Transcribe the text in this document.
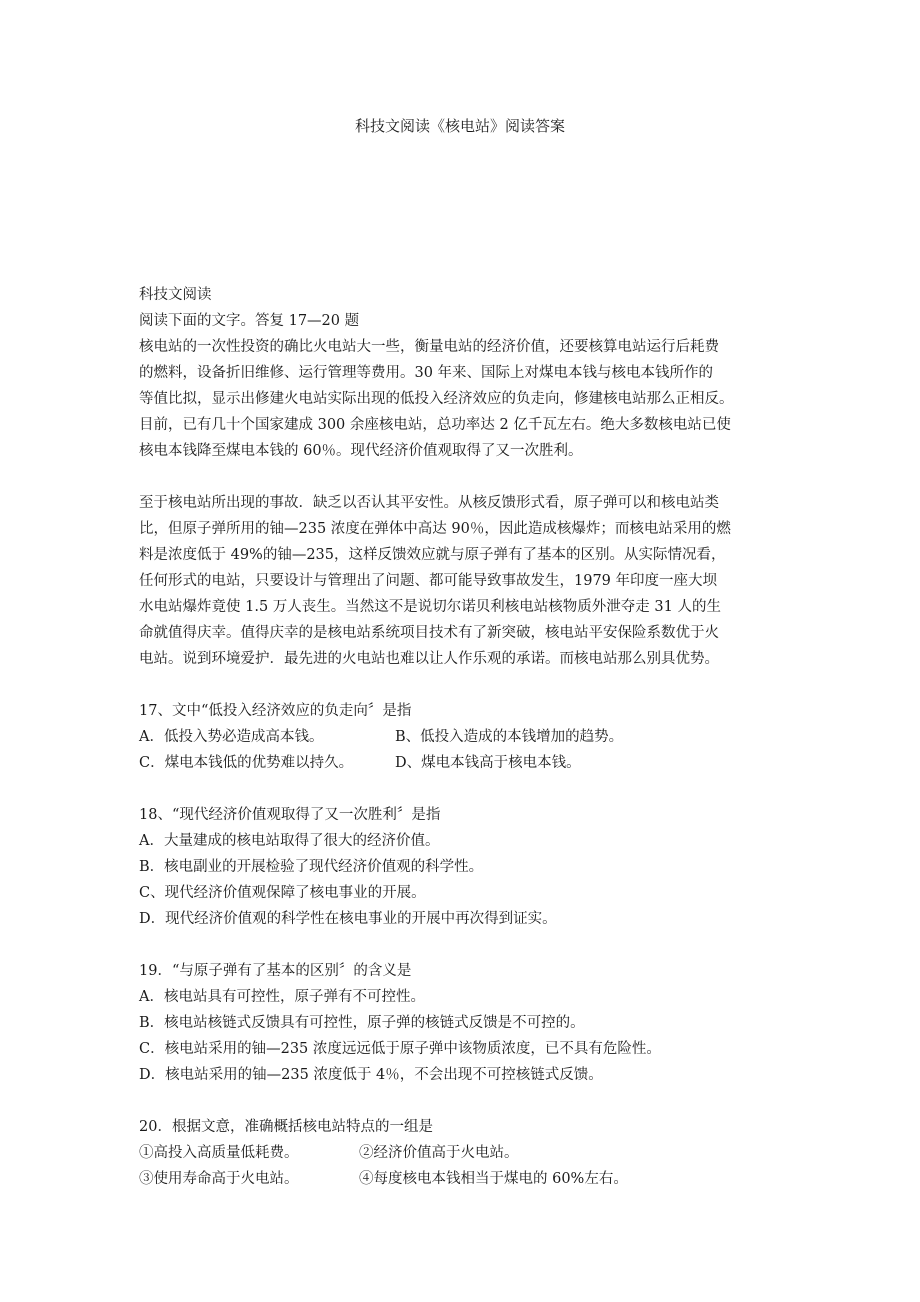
科技文阅读《核电站》阅读答案
科技文阅读
阅读下面的文字。答复 17—20 题
核电站的一次性投资的确比火电站大一些，衡量电站的经济价值，还要核算电站运行后耗费
的燃料，设备折旧维修、运行管理等费用。30 年来、国际上对煤电本钱与核电本钱所作的
等值比拟，显示出修建火电站实际出现的低投入经济效应的负走向，修建核电站那么正相反。
目前，已有几十个国家建成 300 余座核电站，总功率达 2 亿千瓦左右。绝大多数核电站已使
核电本钱降至煤电本钱的 60％。现代经济价值观取得了又一次胜利。
至于核电站所出现的事故．缺乏以否认其平安性。从核反馈形式看，原子弹可以和核电站类
比，但原子弹所用的铀—235 浓度在弹体中高达 90％，因此造成核爆炸；而核电站采用的燃
料是浓度低于 49%的铀—235，这样反馈效应就与原子弹有了基本的区别。从实际情况看，
任何形式的电站，只要设计与管理出了问题、都可能导致事故发生，1979 年印度一座大坝
水电站爆炸竟使 1.5 万人丧生。当然这不是说切尔诺贝利核电站核物质外泄夺走 31 人的生
命就值得庆幸。值得庆幸的是核电站系统项目技术有了新突破，核电站平安保险系数优于火
电站。说到环境爱护．最先进的火电站也难以让人作乐观的承诺。而核电站那么别具优势。
17、文中“低投入经济效应的负走向〞是指
A．低投入势必造成高本钱。	B、低投入造成的本钱增加的趋势。
C．煤电本钱低的优势难以持久。	D、煤电本钱高于核电本钱。
18、“现代经济价值观取得了又一次胜利〞是指
A．大量建成的核电站取得了很大的经济价值。
B．核电副业的开展检验了现代经济价值观的科学性。
C、现代经济价值观保障了核电事业的开展。
D．现代经济价值观的科学性在核电事业的开展中再次得到证实。
19．“与原子弹有了基本的区别〞的含义是
A．核电站具有可控性，原子弹有不可控性。
B．核电站核链式反馈具有可控性，原子弹的核链式反馈是不可控的。
C．核电站采用的铀—235 浓度远远低于原子弹中该物质浓度，已不具有危险性。
D．核电站采用的铀—235 浓度低于 4％，不会出现不可控核链式反馈。
20．根据文意，准确概括核电站特点的一组是
①高投入高质量低耗费。	②经济价值高于火电站。
③使用寿命高于火电站。	④每度核电本钱相当于煤电的 60%左右。
